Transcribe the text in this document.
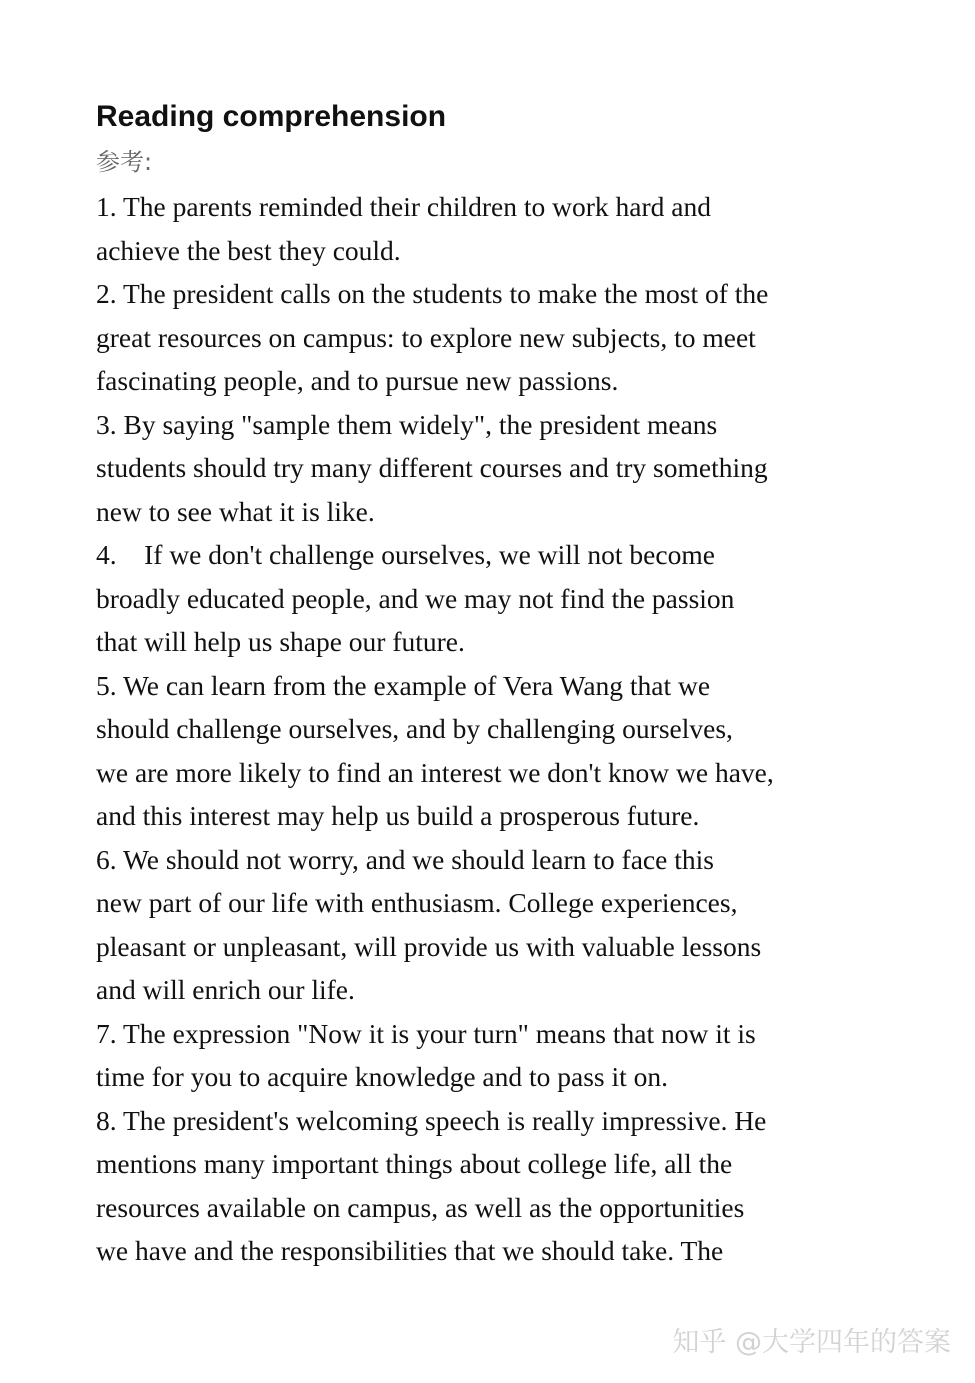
Reading comprehension
参考:
1. The parents reminded their children to work hard and
achieve the best they could.
2. The president calls on the students to make the most of the
great resources on campus: to explore new subjects, to meet
fascinating people, and to pursue new passions.
3. By saying "sample them widely", the president means
students should try many different courses and try something
new to see what it is like.
4.    If we don't challenge ourselves, we will not become
broadly educated people, and we may not find the passion
that will help us shape our future.
5. We can learn from the example of Vera Wang that we
should challenge ourselves, and by challenging ourselves,
we are more likely to find an interest we don't know we have,
and this interest may help us build a prosperous future.
6. We should not worry, and we should learn to face this
new part of our life with enthusiasm. College experiences,
pleasant or unpleasant, will provide us with valuable lessons
and will enrich our life.
7. The expression "Now it is your turn" means that now it is
time for you to acquire knowledge and to pass it on.
8. The president's welcoming speech is really impressive. He
mentions many important things about college life, all the
resources available on campus, as well as the opportunities
we have and the responsibilities that we should take. The
知乎 @大学四年的答案
